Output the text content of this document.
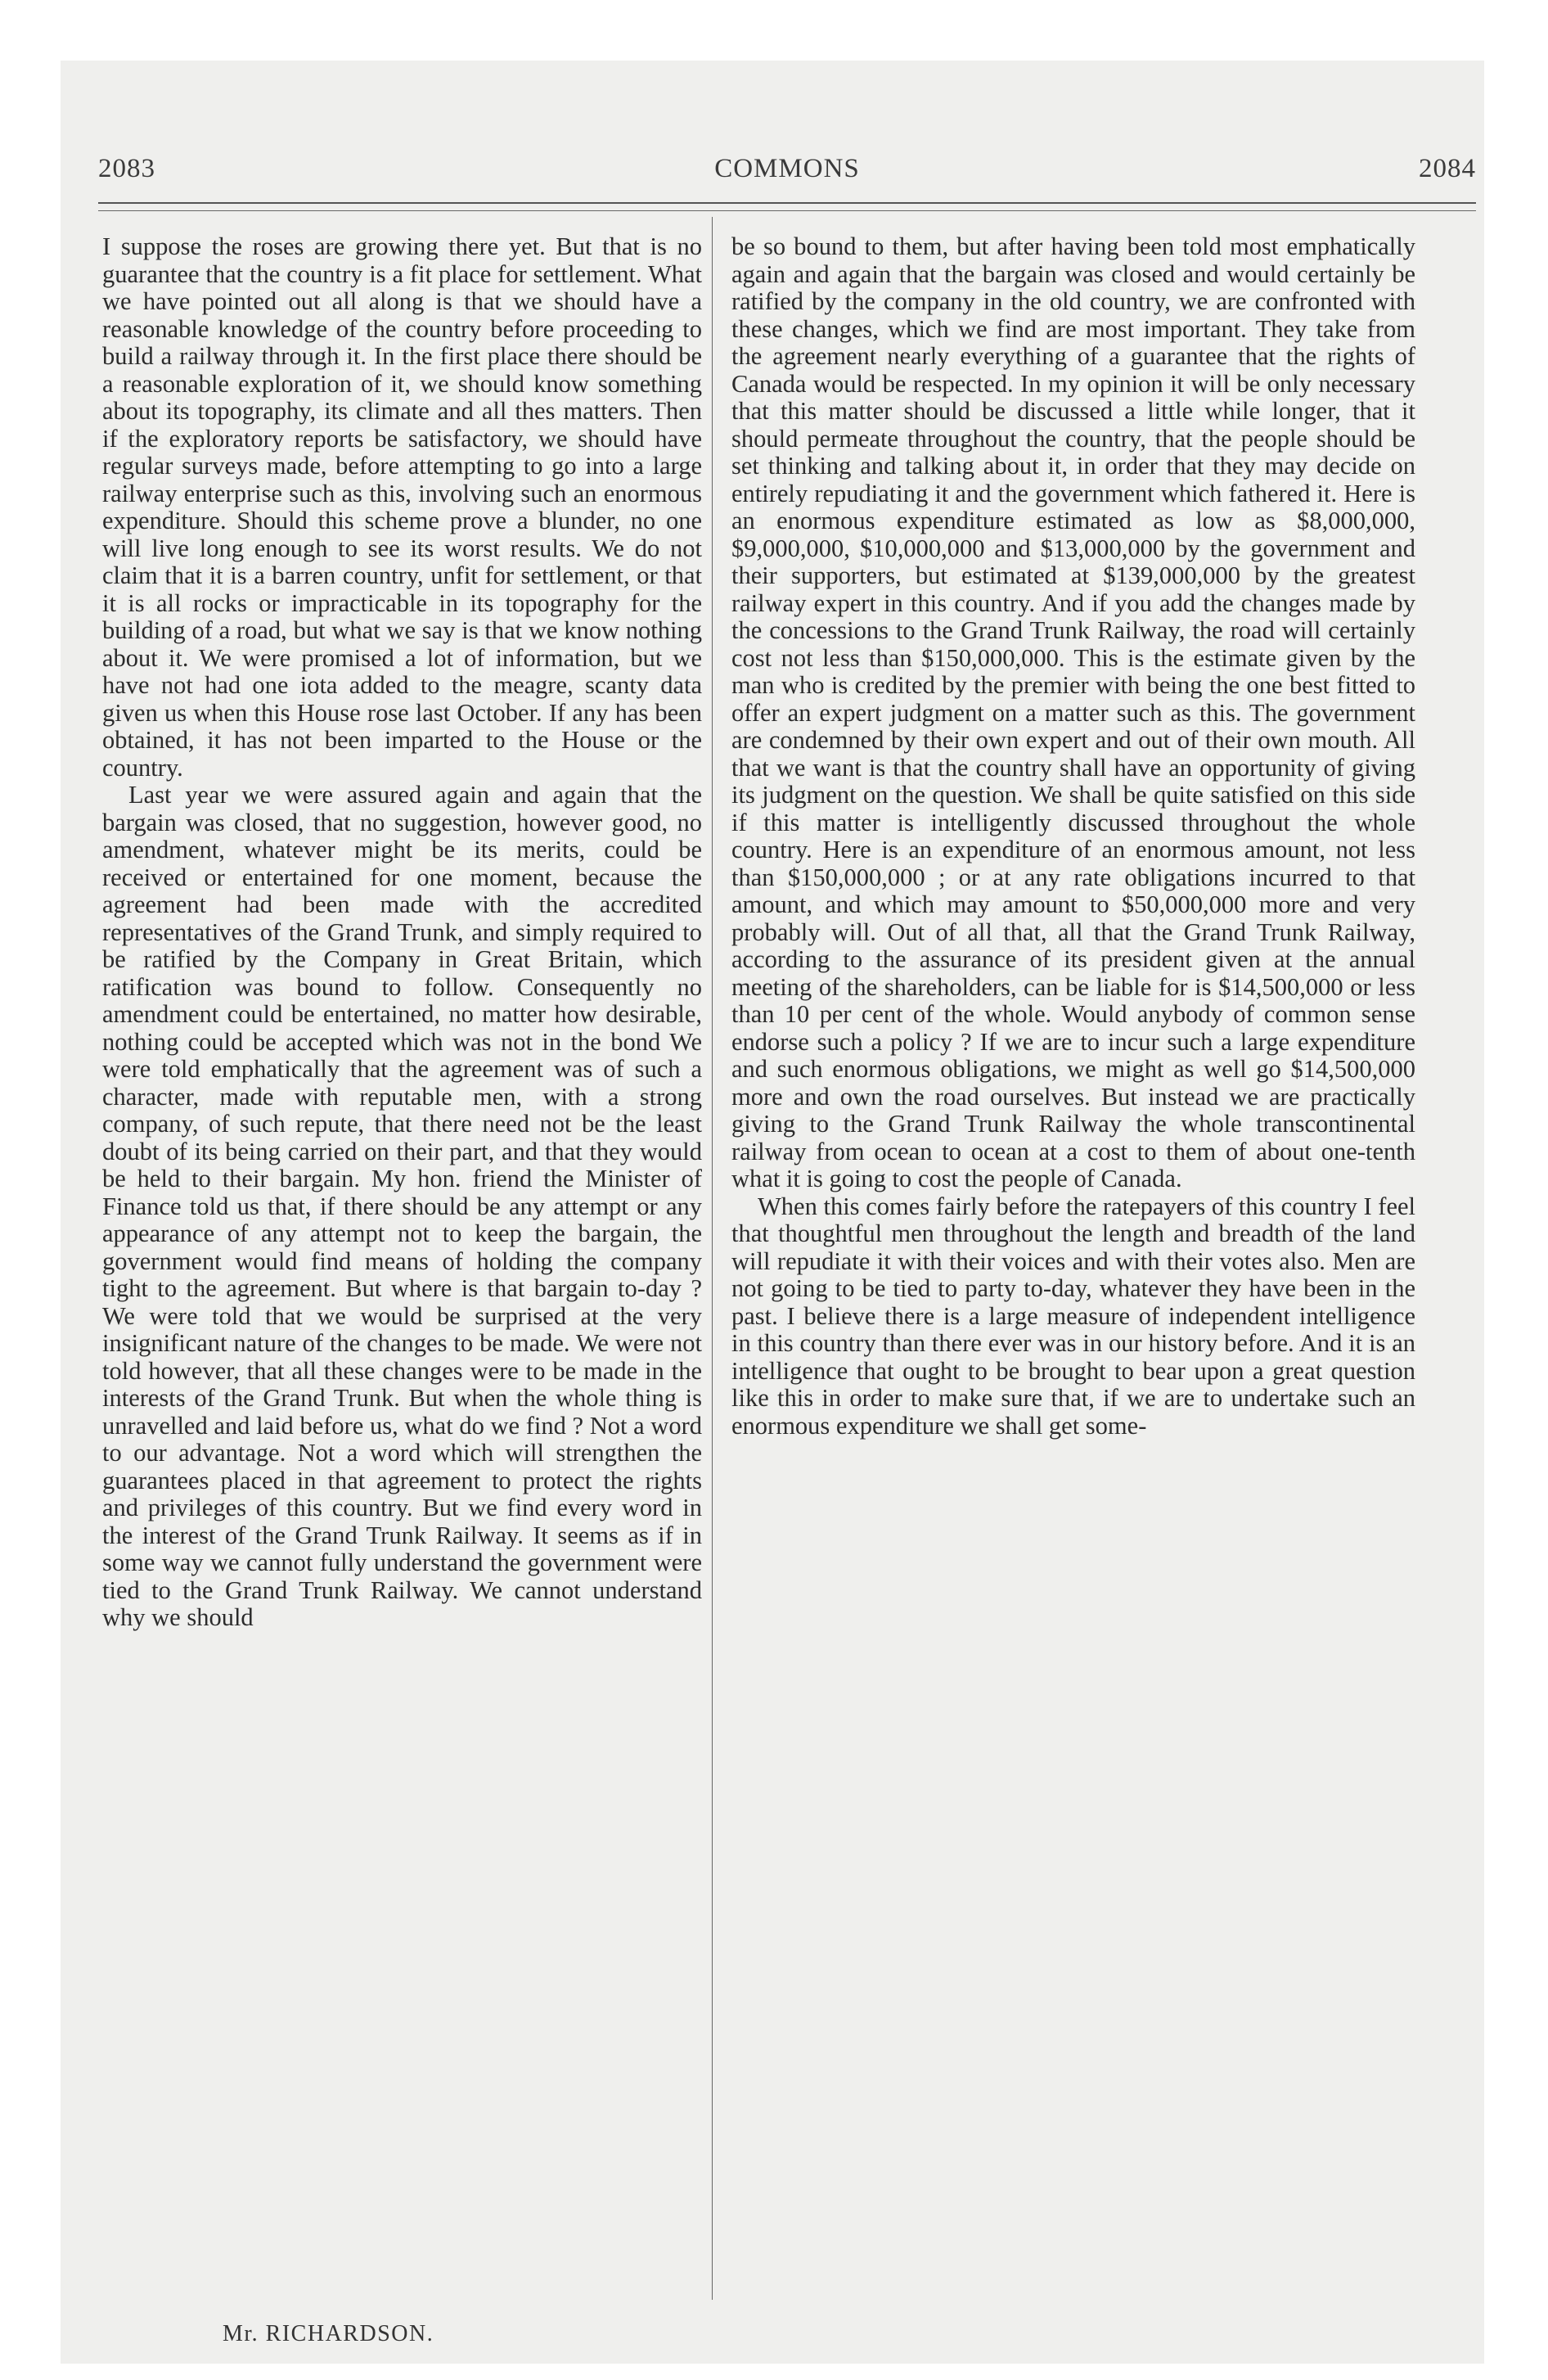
2083	COMMONS	2084

I suppose the roses are growing there yet. But that is no guarantee that the country is a fit place for settlement. What we have pointed out all along is that we should have a reasonable knowledge of the country before proceeding to build a railway through it. In the first place there should be a reasonable exploration of it, we should know something about its topography, its climate and all thes matters. Then if the exploratory reports be satisfactory, we should have regular surveys made, before attempting to go into a large railway enterprise such as this, involving such an enormous expenditure. Should this scheme prove a blunder, no one will live long enough to see its worst results. We do not claim that it is a barren country, unfit for settlement, or that it is all rocks or impracticable in its topography for the building of a road, but what we say is that we know nothing about it. We were promised a lot of information, but we have not had one iota added to the meagre, scanty data given us when this House rose last October. If any has been obtained, it has not been imparted to the House or the country.

Last year we were assured again and again that the bargain was closed, that no suggestion, however good, no amendment, whatever might be its merits, could be received or entertained for one moment, because the agreement had been made with the accredited representatives of the Grand Trunk, and simply required to be ratified by the Company in Great Britain, which ratification was bound to follow. Consequently no amendment could be entertained, no matter how desirable, nothing could be accepted which was not in the bond We were told emphatically that the agreement was of such a character, made with reputable men, with a strong company, of such repute, that there need not be the least doubt of its being carried on their part, and that they would be held to their bargain. My hon. friend the Minister of Finance told us that, if there should be any attempt or any appearance of any attempt not to keep the bargain, the government would find means of holding the company tight to the agreement. But where is that bargain to-day ? We were told that we would be surprised at the very insignificant nature of the changes to be made. We were not told however, that all these changes were to be made in the interests of the Grand Trunk. But when the whole thing is unravelled and laid before us, what do we find ? Not a word to our advantage. Not a word which will strengthen the guarantees placed in that agreement to protect the rights and privileges of this country. But we find every word in the interest of the Grand Trunk Railway. It seems as if in some way we cannot fully understand the government were tied to the Grand Trunk Railway. We cannot understand why we should

be so bound to them, but after having been told most emphatically again and again that the bargain was closed and would certainly be ratified by the company in the old country, we are confronted with these changes, which we find are most important. They take from the agreement nearly everything of a guarantee that the rights of Canada would be respected. In my opinion it will be only necessary that this matter should be discussed a little while longer, that it should permeate throughout the country, that the people should be set thinking and talking about it, in order that they may decide on entirely repudiating it and the government which fathered it. Here is an enormous expenditure estimated as low as $8,000,000, $9,000,000, $10,000,000 and $13,000,000 by the government and their supporters, but estimated at $139,000,000 by the greatest railway expert in this country. And if you add the changes made by the concessions to the Grand Trunk Railway, the road will certainly cost not less than $150,000,000. This is the estimate given by the man who is credited by the premier with being the one best fitted to offer an expert judgment on a matter such as this. The government are condemned by their own expert and out of their own mouth. All that we want is that the country shall have an opportunity of giving its judgment on the question. We shall be quite satisfied on this side if this matter is intelligently discussed throughout the whole country. Here is an expenditure of an enormous amount, not less than $150,000,000 ; or at any rate obligations incurred to that amount, and which may amount to $50,000,000 more and very probably will. Out of all that, all that the Grand Trunk Railway, according to the assurance of its president given at the annual meeting of the shareholders, can be liable for is $14,500,000 or less than 10 per cent of the whole. Would anybody of common sense endorse such a policy ? If we are to incur such a large expenditure and such enormous obligations, we might as well go $14,500,000 more and own the road ourselves. But instead we are practically giving to the Grand Trunk Railway the whole transcontinental railway from ocean to ocean at a cost to them of about one-tenth what it is going to cost the people of Canada.

When this comes fairly before the ratepayers of this country I feel that thoughtful men throughout the length and breadth of the land will repudiate it with their voices and with their votes also. Men are not going to be tied to party to-day, whatever they have been in the past. I believe there is a large measure of independent intelligence in this country than there ever was in our history before. And it is an intelligence that ought to be brought to bear upon a great question like this in order to make sure that, if we are to undertake such an enormous expenditure we shall get some-

Mr. RICHARDSON.
